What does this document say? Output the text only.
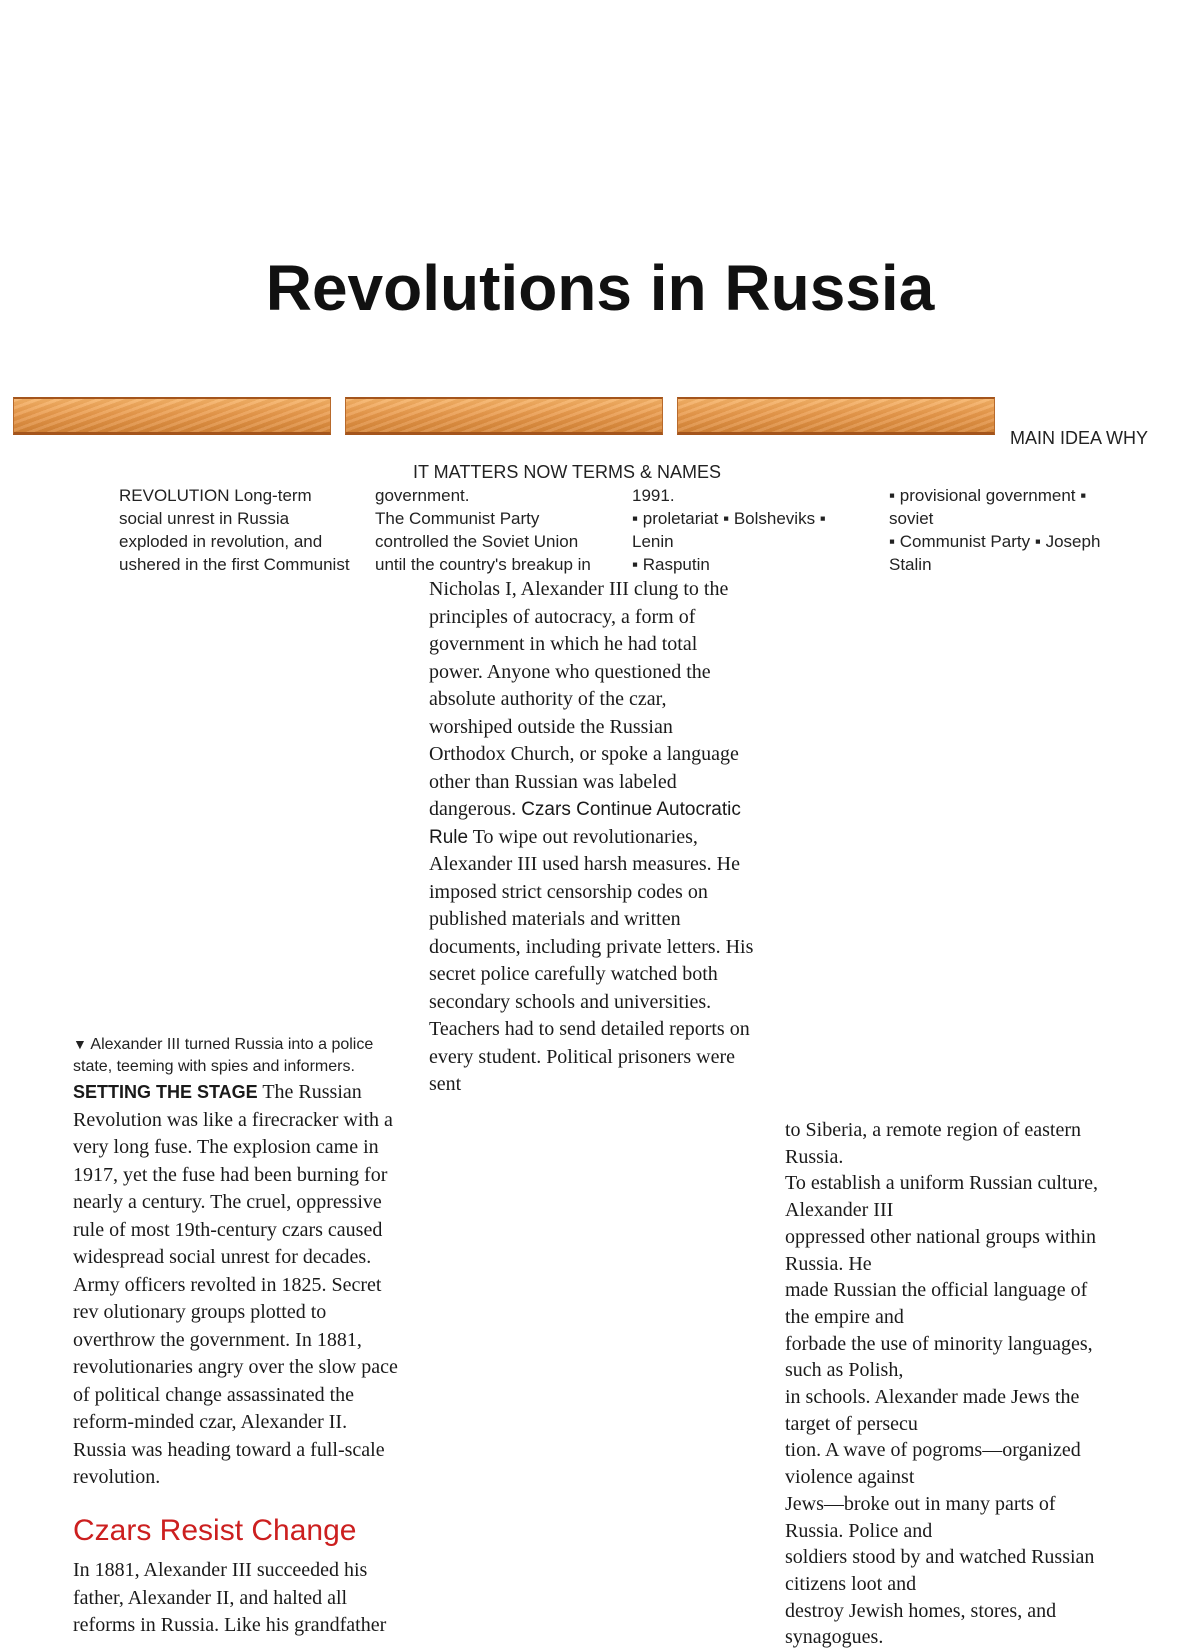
Revolutions in Russia
MAIN IDEA WHY
IT MATTERS NOW TERMS & NAMES
REVOLUTION Long-term
social unrest in Russia
exploded in revolution, and
ushered in the first Communist
government.
The Communist Party
controlled the Soviet Union
until the country's breakup in
1991.
▪ proletariat ▪ Bolsheviks ▪
Lenin
▪ Rasputin
▪ provisional government ▪
soviet
▪ Communist Party ▪ Joseph
Stalin
Nicholas I, Alexander III clung to the
principles of autocracy, a form of
government in which he had total
power. Anyone who questioned the
absolute authority of the czar,
worshiped outside the Russian
Orthodox Church, or spoke a language
other than Russian was labeled
dangerous. Czars Continue Autocratic
Rule To wipe out revolutionaries,
Alexander III used harsh measures. He
imposed strict censorship codes on
published materials and written
documents, including private letters. His
secret police carefully watched both
secondary schools and universities.
Teachers had to send detailed reports on
every student. Political prisoners were
sent
▼ Alexander III turned Russia into a police
state, teeming with spies and informers.
SETTING THE STAGE The Russian
Revolution was like a firecracker with a
very long fuse. The explosion came in
1917, yet the fuse had been burning for
nearly a century. The cruel, oppressive
rule of most 19th-century czars caused
widespread social unrest for decades.
Army officers revolted in 1825. Secret
rev olutionary groups plotted to
overthrow the government. In 1881,
revolutionaries angry over the slow pace
of political change assassinated the
reform-minded czar, Alexander II.
Russia was heading toward a full-scale
revolution.
Czars Resist Change
In 1881, Alexander III succeeded his
father, Alexander II, and halted all
reforms in Russia. Like his grandfather
to Siberia, a remote region of eastern
Russia.
To establish a uniform Russian culture,
Alexander III
oppressed other national groups within
Russia. He
made Russian the official language of
the empire and
forbade the use of minority languages,
such as Polish,
in schools. Alexander made Jews the
target of persecu
tion. A wave of pogroms—organized
violence against
Jews—broke out in many parts of
Russia. Police and
soldiers stood by and watched Russian
citizens loot and
destroy Jewish homes, stores, and
synagogues.
